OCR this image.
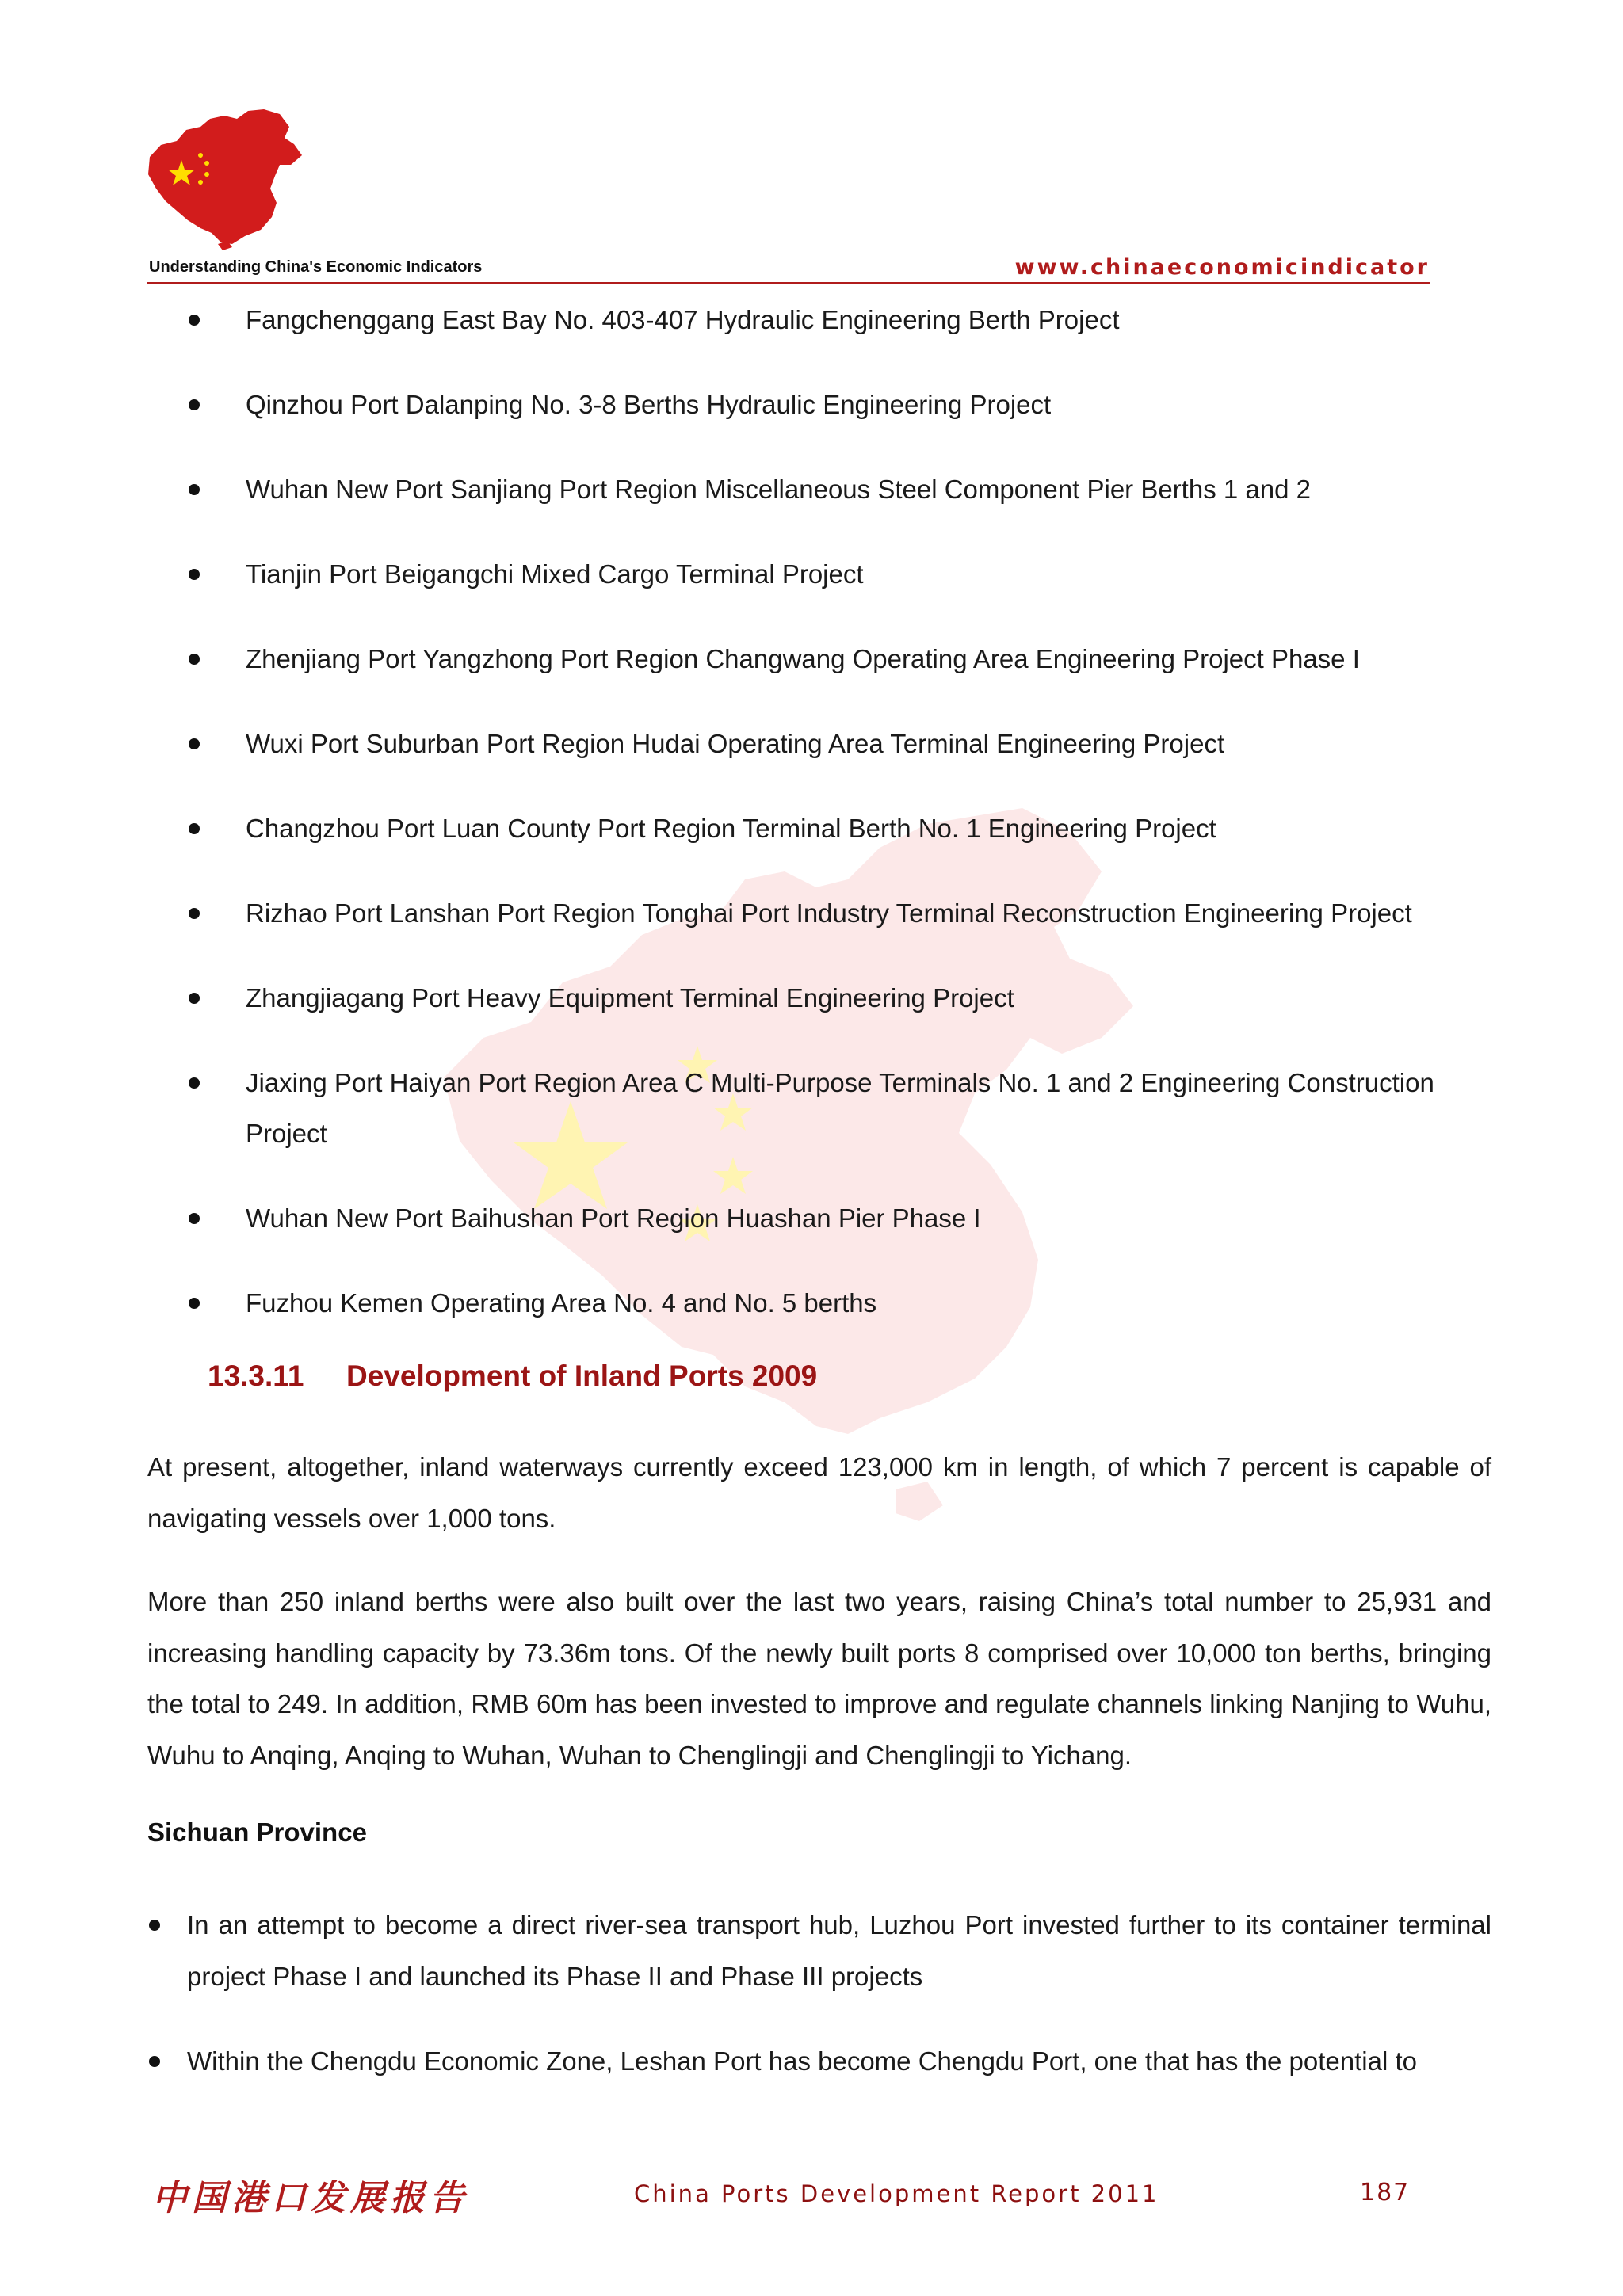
Understanding China's Economic Indicators	www.chinaeconomicindicator
Fangchenggang East Bay No. 403-407 Hydraulic Engineering Berth Project
Qinzhou Port Dalanping No. 3-8 Berths Hydraulic Engineering Project
Wuhan New Port Sanjiang Port Region Miscellaneous Steel Component Pier Berths 1 and 2
Tianjin Port Beigangchi Mixed Cargo Terminal Project
Zhenjiang Port Yangzhong Port Region Changwang Operating Area Engineering Project Phase I
Wuxi Port Suburban Port Region Hudai Operating Area Terminal Engineering Project
Changzhou Port Luan County Port Region Terminal Berth No. 1 Engineering Project
Rizhao Port Lanshan Port Region Tonghai Port Industry Terminal Reconstruction Engineering Project
Zhangjiagang Port Heavy Equipment Terminal Engineering Project
Jiaxing Port Haiyan Port Region Area C Multi-Purpose Terminals No. 1 and 2 Engineering Construction Project
Wuhan New Port Baihushan Port Region Huashan Pier Phase I
Fuzhou Kemen Operating Area No. 4 and No. 5 berths
13.3.11 Development of Inland Ports 2009

At present, altogether, inland waterways currently exceed 123,000 km in length, of which 7 percent is capable of navigating vessels over 1,000 tons.

More than 250 inland berths were also built over the last two years, raising China’s total number to 25,931 and increasing handling capacity by 73.36m tons. Of the newly built ports 8 comprised over 10,000 ton berths, bringing the total to 249. In addition, RMB 60m has been invested to improve and regulate channels linking Nanjing to Wuhu, Wuhu to Anqing, Anqing to Wuhan, Wuhan to Chenglingji and Chenglingji to Yichang.

Sichuan Province
In an attempt to become a direct river-sea transport hub, Luzhou Port invested further to its container terminal project Phase I and launched its Phase II and Phase III projects
Within the Chengdu Economic Zone, Leshan Port has become Chengdu Port, one that has the potential to
中国港口发展报告	China Ports Development Report 2011	187
